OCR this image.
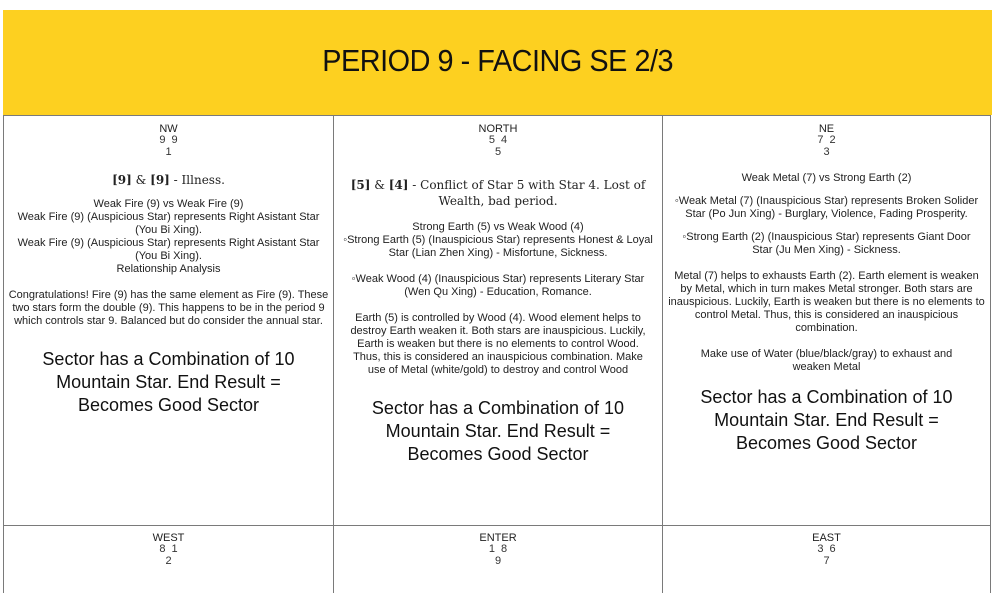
PERIOD 9 - FACING SE 2/3
NW
9 9
1
[9] & [9] - Illness.
Weak Fire (9) vs Weak Fire (9)
Weak Fire (9) (Auspicious Star) represents Right Asistant Star (You Bi Xing).
Weak Fire (9) (Auspicious Star) represents Right Asistant Star (You Bi Xing).
Relationship Analysis
Congratulations! Fire (9) has the same element as Fire (9). These two stars form the double (9). This happens to be in the period 9 which controls star 9. Balanced but do consider the annual star.
Sector has a Combination of 10 Mountain Star. End Result = Becomes Good Sector
NORTH
5 4
5
[5] & [4] - Conflict of Star 5 with Star 4. Lost of Wealth, bad period.
Strong Earth (5) vs Weak Wood (4)
◦Strong Earth (5) (Inauspicious Star) represents Honest & Loyal Star (Lian Zhen Xing) - Misfortune, Sickness.
◦Weak Wood (4) (Inauspicious Star) represents Literary Star (Wen Qu Xing) - Education, Romance.
Earth (5) is controlled by Wood (4). Wood element helps to destroy Earth weaken it. Both stars are inauspicious. Luckily, Earth is weaken but there is no elements to control Wood. Thus, this is considered an inauspicious combination. Make use of Metal (white/gold) to destroy and control Wood
Sector has a Combination of 10 Mountain Star. End Result = Becomes Good Sector
NE
7 2
3
Weak Metal (7) vs Strong Earth (2)
◦Weak Metal (7) (Inauspicious Star) represents Broken Solider Star (Po Jun Xing) - Burglary, Violence, Fading Prosperity.
◦Strong Earth (2) (Inauspicious Star) represents Giant Door Star (Ju Men Xing) - Sickness.
Metal (7) helps to exhausts Earth (2). Earth element is weaken by Metal, which in turn makes Metal stronger. Both stars are inauspicious. Luckily, Earth is weaken but there is no elements to control Metal. Thus, this is considered an inauspicious combination.
Make use of Water (blue/black/gray) to exhaust and weaken Metal
Sector has a Combination of 10 Mountain Star. End Result = Becomes Good Sector
WEST
8 1
2
ENTER
1 8
9
EAST
3 6
7
